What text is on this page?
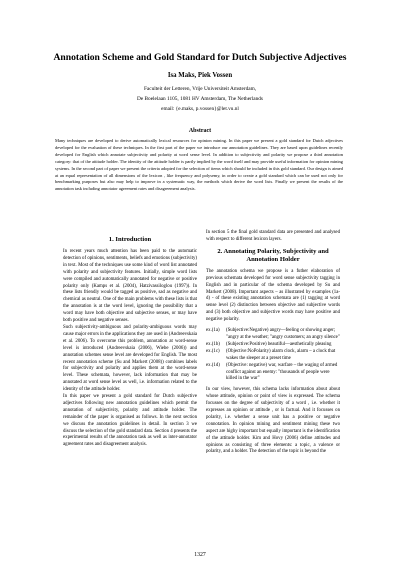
Annotation Scheme and Gold Standard for Dutch Subjective Adjectives
Isa Maks, Piek Vossen
Faculteit der Letteren, Vrije Universiteit Amsterdam,
De Boelelaan 1105, 1081 HV Amsterdam, The Netherlands
email: {e.maks, p.vossen}@let.vu.nl
Abstract

Many techniques are developed to derive automatically lexical resources for opinion mining. In this paper we present a gold standard for Dutch adjectives developed for the evaluation of these techniques. In the first part of the paper we introduce our annotation guidelines. They are based upon guidelines recently developed for English which annotate subjectivity and polarity at word sense level. In addition to subjectivity and polarity we propose a third annotation category: that of the attitude holder. The identity of the attitude holder is partly implied by the word itself and may provide useful information for opinion mining systems. In the second part of paper we present the criteria adopted for the selection of items which should be included in this gold standard. Our design is aimed at an equal representation of all dimensions of the lexicon , like frequency and polysemy, in order to create a gold standard which can be used not only for benchmarking purposes but also may help to improve in a systematic way, the methods which derive the word lists. Finally we present the results of the annotation task including annotator agreement rates and disagreement analysis.

1. Introduction

In recent years much attention has been paid to the automatic detection of opinions, sentiments, beliefs and emotions (subjectivity) in text. Most of the techniques use some kind of word list annotated with polarity and subjectivity features. Initially, simple word lists were compiled and automatically annotated for negative or positive polarity only (Kamps et al. (2004), Hatzivassiloglou (1997)). In these lists friendly would be tagged as positive, sad as negative and chemical as neutral. One of the main problems with these lists is that the annotation is at the word level, ignoring the possibility that a word may have both objective and subjective senses, or may have both positive and negative senses.

Such subjectivity-ambiguous and polarity-ambiguous words may cause major errors in the applications they are used in (Andreevskaia et al. 2006). To overcome this problem, annotation at word-sense level is introduced (Andreevskaia (2006), Wiebe (2006)) and annotation schemes sense level are developed for English. The most recent annotation scheme (Su and Markert (2008)) combines labels for subjectivity and polarity and applies them at the word-sense level. These schemata, however, lack information that may be annotated at word sense level as well, i.e. information related to the identity of the attitude holder.

In this paper we present a gold standard for Dutch subjective adjectives following new annotation guidelines which permit the annotation of subjectivity, polarity and attitude holder. The remainder of the paper is organised as follows. In the next section we discuss the annotation guidelines in detail. In section 3 we discuss the selection of the gold standard data. Section 4 presents the experimental results of the annotation task as well as inter-annotator agreement rates and disagreement analysis.

In section 5 the final gold standard data are presented and analysed with respect to different lexicon layers.

2. Annotating Polarity, Subjectivity and Annotation Holder

The annotation schema we propose is a futher elaboration of previous schemata developed for word sense subjectivity tagging in English and in particular of the schema developed by Su and Markert (2008). Important aspects – as illustrated by examples (1a-d) - of these existing annotation schemata are (1) tagging at word sense level (2) distinction between objective and subjective words and (3) both objective and subjective words may have positive and negative polarity.

ex.(1a)	(Subjective:Negative) angry—feeling or showing anger; "angry at the weather; "angry customers; an angry silence"
ex.(1b)	(Subjective:Positive) beautiful—aesthetically pleasing
ex.(1c)	(Objective:NoPolarity) alarm clock, alarm – a clock that wakes the sleeper at a preset time
ex.(1d)	(Objective: negative) war, warfare – the waging of armed conflict against an enemy: "thousands of people were killed in the war"

In our view, however, this schema lacks information about about whose attitude, opinion or point of view is expressed. The schema focusses on the degree of subjectivity of a word , i.e. whether it expresses an opinion or attitude , or is factual. And it focusses on polarity, i.e. whether a sense unit has a positive or negative connotation. In opinion mining and sentiment mining these two aspect are highy important but equally important is the identification of the attitude holder. Kim and Hovy (2006) define attitudes and opinions as consisting of three elements: a topic, a valence or polarity, and a holder. The detection of the topic is beyond the

1327
